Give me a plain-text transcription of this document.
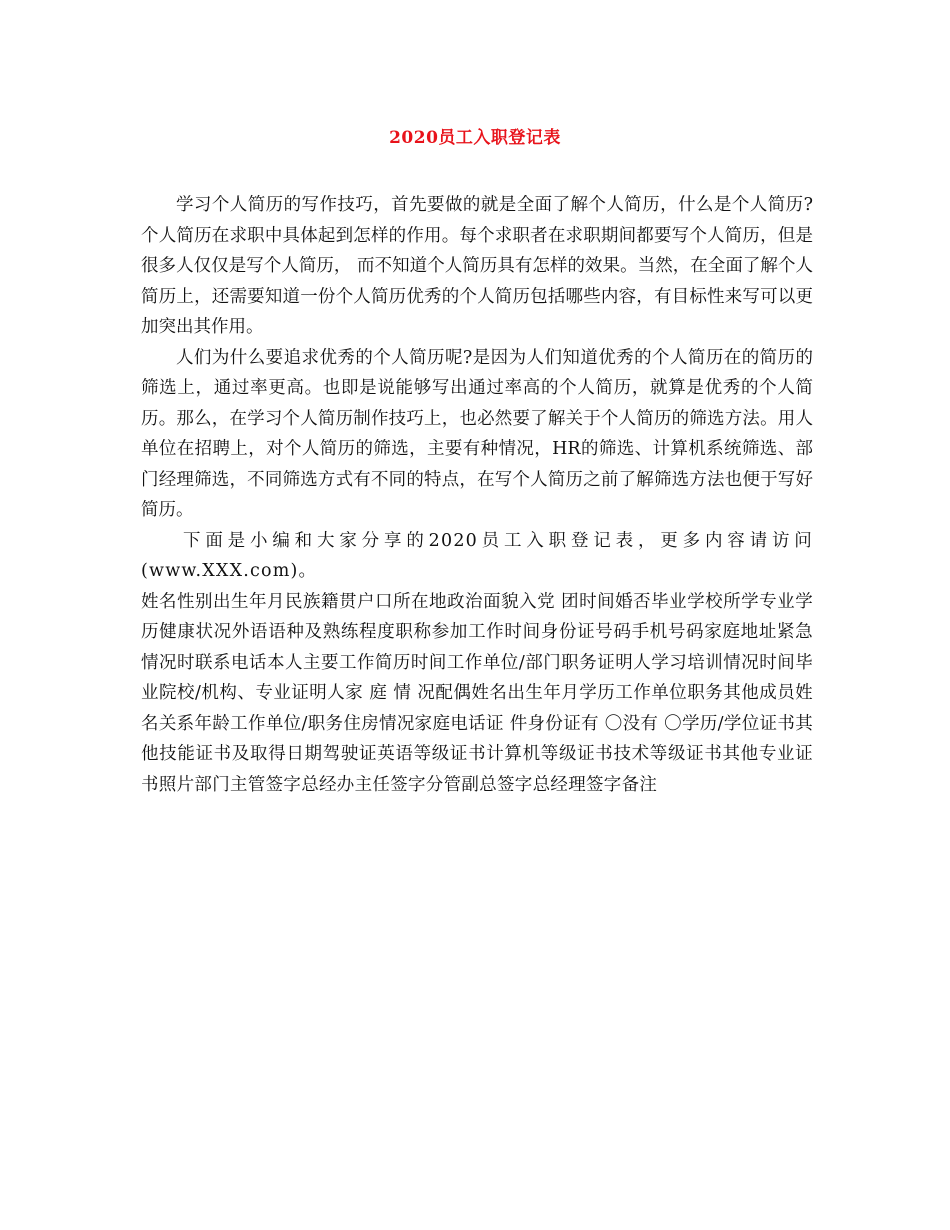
2020员工入职登记表

学习个人简历的写作技巧，首先要做的就是全面了解个人简历，什么是个人简历?个人简历在求职中具体起到怎样的作用。每个求职者在求职期间都要写个人简历，但是很多人仅仅是写个人简历， 而不知道个人简历具有怎样的效果。当然，在全面了解个人简历上，还需要知道一份个人简历优秀的个人简历包括哪些内容，有目标性来写可以更加突出其作用。

人们为什么要追求优秀的个人简历呢?是因为人们知道优秀的个人简历在的简历的筛选上，通过率更高。也即是说能够写出通过率高的个人简历，就算是优秀的个人简历。那么，在学习个人简历制作技巧上，也必然要了解关于个人简历的筛选方法。用人单位在招聘上，对个人简历的筛选，主要有种情况，HR的筛选、计算机系统筛选、部门经理筛选，不同筛选方式有不同的特点，在写个人简历之前了解筛选方法也便于写好简历。

下面是小编和大家分享的2020员工入职登记表，更多内容请访问(www.XXX.com)。

姓名性别出生年月民族籍贯户口所在地政治面貌入党 团时间婚否毕业学校所学专业学历健康状况外语语种及熟练程度职称参加工作时间身份证号码手机号码家庭地址紧急情况时联系电话本人主要工作简历时间工作单位/部门职务证明人学习培训情况时间毕业院校/机构、专业证明人家 庭 情 况配偶姓名出生年月学历工作单位职务其他成员姓名关系年龄工作单位/职务住房情况家庭电话证 件身份证有 〇没有 〇学历/学位证书其他技能证书及取得日期驾驶证英语等级证书计算机等级证书技术等级证书其他专业证书照片部门主管签字总经办主任签字分管副总签字总经理签字备注
